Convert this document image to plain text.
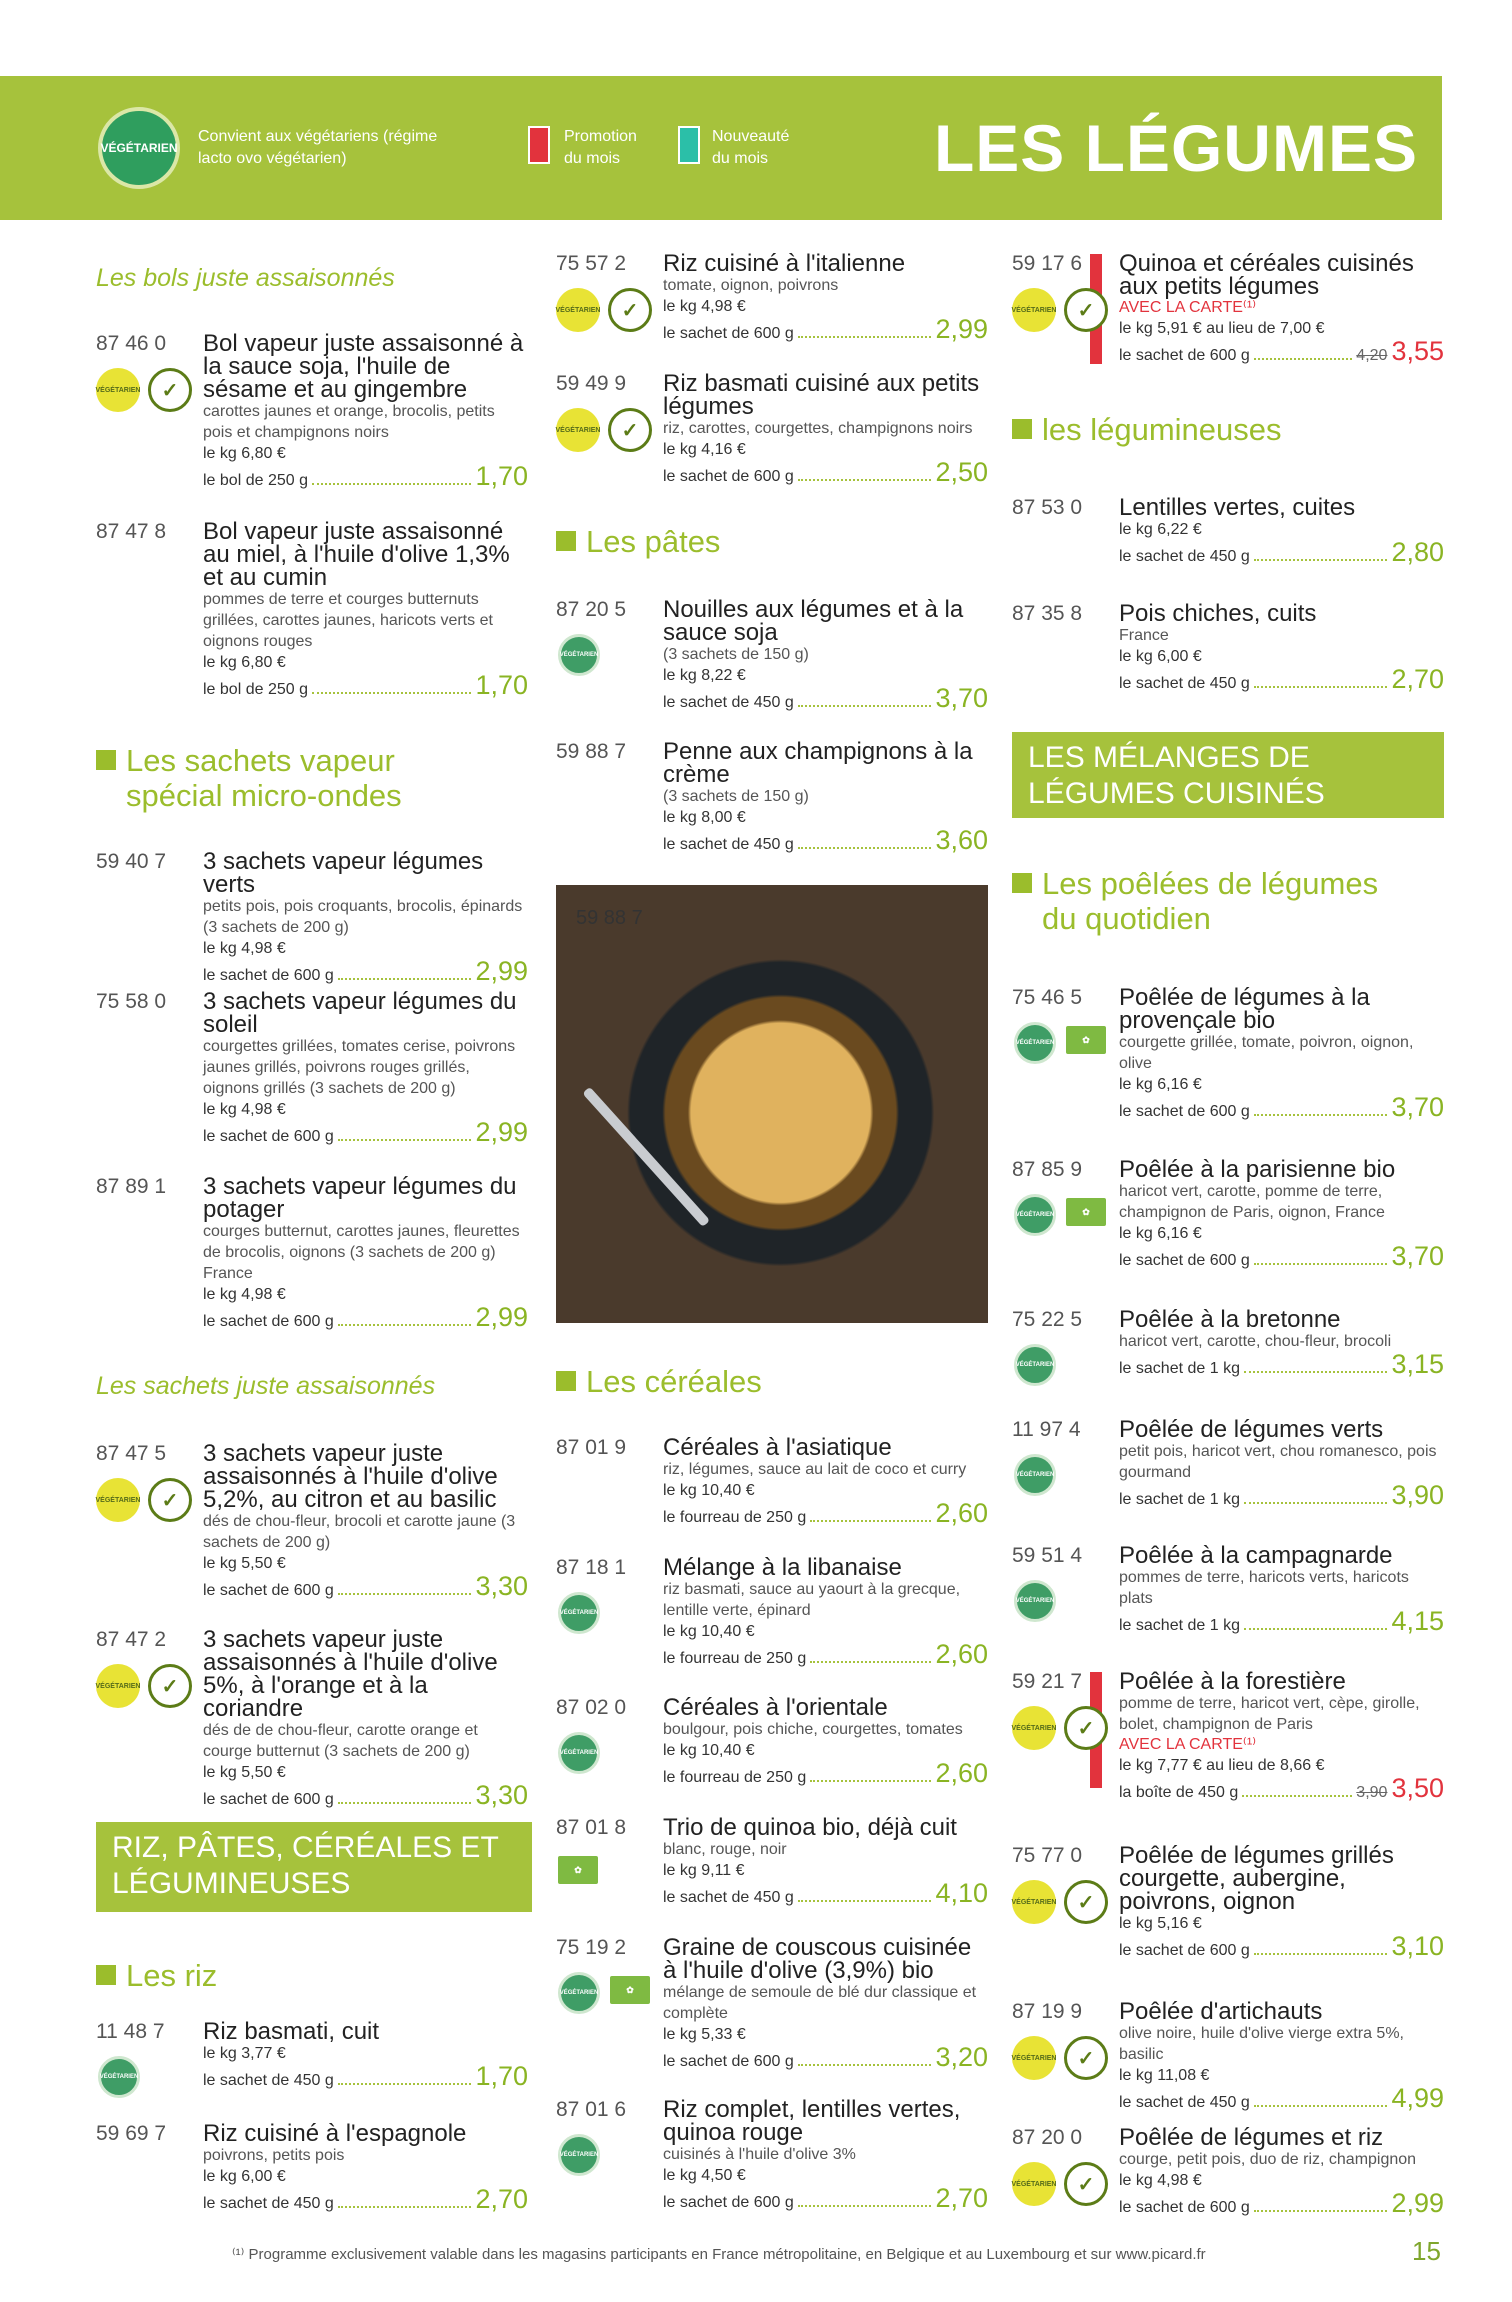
VÉGÉTARIEN
Convient aux végétariens (régime lacto ovo végétarien)
Promotion du mois
Nouveauté du mois	LES LÉGUMES
Les bols juste assaisonnés
87 46 0
VÉGÉTARIEN	✓
Bol vapeur juste assaisonné à la sauce soja, l'huile de sésame et au gingembre
carottes jaunes et orange, brocolis, petits pois et champignons noirs
le kg 6,80 €
le bol de 250 g	1,70
87 47 8 Bol vapeur juste assaisonné au miel, à l'huile d'olive 1,3% et au cumin
pommes de terre et courges butternuts grillées, carottes jaunes, haricots verts et oignons rouges
le kg 6,80 €
le bol de 250 g	1,70
Les sachets vapeur
spécial micro-ondes
59 40 7 3 sachets vapeur légumes verts
petits pois, pois croquants, brocolis, épinards (3 sachets de 200 g)
le kg 4,98 €
le sachet de 600 g	2,99
75 58 0 3 sachets vapeur légumes du soleil
courgettes grillées, tomates cerise, poivrons jaunes grillés, poivrons rouges grillés, oignons grillés (3 sachets de 200 g)
le kg 4,98 €
le sachet de 600 g	2,99
87 89 1 3 sachets vapeur légumes du potager
courges butternut, carottes jaunes, fleurettes de brocolis, oignons (3 sachets de 200 g) France
le kg 4,98 €
le sachet de 600 g	2,99
Les sachets juste assaisonnés
87 47 5
VÉGÉTARIEN	✓
3 sachets vapeur juste assaisonnés à l'huile d'olive 5,2%, au citron et au basilic
dés de chou-fleur, brocoli et carotte jaune (3 sachets de 200 g)
le kg 5,50 €
le sachet de 600 g	3,30
87 47 2
VÉGÉTARIEN	✓
3 sachets vapeur juste assaisonnés à l'huile d'olive 5%, à l'orange et à la coriandre
dés de de chou-fleur, carotte orange et courge butternut (3 sachets de 200 g)
le kg 5,50 €
le sachet de 600 g	3,30
RIZ, PÂTES, CÉRÉALES ET LÉGUMINEUSES
Les riz
11 48 7
VÉGÉTARIEN
Riz basmati, cuit
le kg 3,77 €
le sachet de 450 g	1,70
59 69 7 Riz cuisiné à l'espagnole
poivrons, petits pois
le kg 6,00 €
le sachet de 450 g	2,70
75 57 2
VÉGÉTARIEN	✓
Riz cuisiné à l'italienne
tomate, oignon, poivrons
le kg 4,98 €
le sachet de 600 g	2,99
59 49 9
VÉGÉTARIEN	✓
Riz basmati cuisiné aux petits légumes
riz, carottes, courgettes, champignons noirs
le kg 4,16 €
le sachet de 600 g	2,50
Les pâtes
87 20 5
VÉGÉTARIEN
Nouilles aux légumes et à la sauce soja
(3 sachets de 150 g)
le kg 8,22 €
le sachet de 450 g	3,70
59 88 7 Penne aux champignons à la crème
(3 sachets de 150 g)
le kg 8,00 €
le sachet de 450 g	3,60
Les céréales
87 01 9 Céréales à l'asiatique
riz, légumes, sauce au lait de coco et curry
le kg 10,40 €
le fourreau de 250 g	2,60
87 18 1
VÉGÉTARIEN
Mélange à la libanaise
riz basmati, sauce au yaourt à la grecque, lentille verte, épinard
le kg 10,40 €
le fourreau de 250 g	2,60
87 02 0
VÉGÉTARIEN
Céréales à l'orientale
boulgour, pois chiche, courgettes, tomates
le kg 10,40 €
le fourreau de 250 g	2,60
87 01 8
✿
Trio de quinoa bio, déjà cuit
blanc, rouge, noir
le kg 9,11 €
le sachet de 450 g	4,10
75 19 2
VÉGÉTARIEN	✿
Graine de couscous cuisinée à l'huile d'olive (3,9%) bio
mélange de semoule de blé dur classique et complète
le kg 5,33 €
le sachet de 600 g	3,20
87 01 6
VÉGÉTARIEN
Riz complet, lentilles vertes, quinoa rouge
cuisinés à l'huile d'olive 3%
le kg 4,50 €
le sachet de 600 g	2,70
59 88 7
59 17 6
VÉGÉTARIEN	✓
Quinoa et céréales cuisinés aux petits légumes
AVEC LA CARTE⁽¹⁾
le kg 5,91 € au lieu de 7,00 €
le sachet de 600 g	4,20 3,55
les légumineuses
87 53 0 Lentilles vertes, cuites
le kg 6,22 €
le sachet de 450 g	2,80
87 35 8 Pois chiches, cuits
France
le kg 6,00 €
le sachet de 450 g	2,70
LES MÉLANGES DE LÉGUMES CUISINÉS
Les poêlées de légumes
du quotidien
75 46 5
VÉGÉTARIEN	✿
Poêlée de légumes à la provençale bio
courgette grillée, tomate, poivron, oignon, olive
le kg 6,16 €
le sachet de 600 g	3,70
87 85 9
VÉGÉTARIEN	✿
Poêlée à la parisienne bio
haricot vert, carotte, pomme de terre, champignon de Paris, oignon, France
le kg 6,16 €
le sachet de 600 g	3,70
75 22 5
VÉGÉTARIEN
Poêlée à la bretonne
haricot vert, carotte, chou-fleur, brocoli
le sachet de 1 kg	3,15
11 97 4
VÉGÉTARIEN
Poêlée de légumes verts
petit pois, haricot vert, chou romanesco, pois gourmand
le sachet de 1 kg	3,90
59 51 4
VÉGÉTARIEN
Poêlée à la campagnarde
pommes de terre, haricots verts, haricots plats
le sachet de 1 kg	4,15
59 21 7
VÉGÉTARIEN	✓
Poêlée à la forestière
pomme de terre, haricot vert, cèpe, girolle, bolet, champignon de Paris
AVEC LA CARTE⁽¹⁾
le kg 7,77 € au lieu de 8,66 €
la boîte de 450 g	3,90 3,50
75 77 0
VÉGÉTARIEN	✓
Poêlée de légumes grillés courgette, aubergine, poivrons, oignon
le kg 5,16 €
le sachet de 600 g	3,10
87 19 9
VÉGÉTARIEN	✓
Poêlée d'artichauts
olive noire, huile d'olive vierge extra 5%, basilic
le kg 11,08 €
le sachet de 450 g	4,99
87 20 0
VÉGÉTARIEN	✓
Poêlée de légumes et riz
courge, petit pois, duo de riz, champignon
le kg 4,98 €
le sachet de 600 g	2,99
⁽¹⁾ Programme exclusivement valable dans les magasins participants en France métropolitaine, en Belgique et au Luxembourg et sur www.picard.fr	15
